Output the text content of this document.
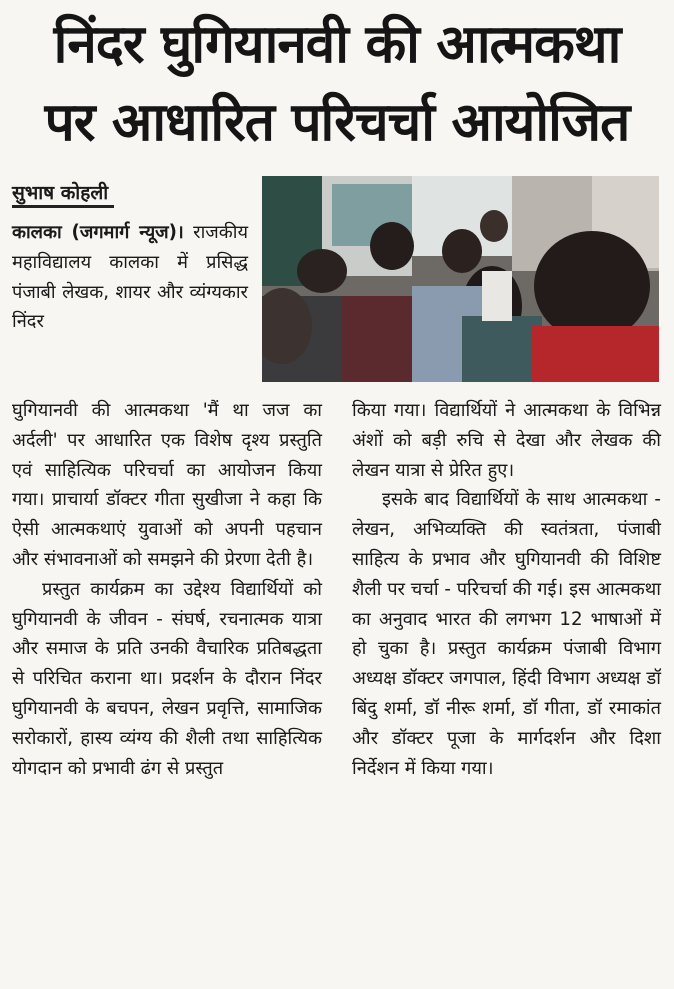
निंदर घुगियानवी की आत्मकथा
पर आधारित परिचर्चा आयोजित
सुभाष कोहली

कालका (जगमार्ग न्यूज)। राजकीय महाविद्यालय कालका में प्रसिद्ध पंजाबी लेखक, शायर और व्यंग्यकार निंदर

घुगियानवी की आत्मकथा 'मैं था जज का अर्दली' पर आधारित एक विशेष दृश्य प्रस्तुति एवं साहित्यिक परिचर्चा का आयोजन किया गया। प्राचार्या डॉक्टर गीता सुखीजा ने कहा कि ऐसी आत्मकथाएं युवाओं को अपनी पहचान और संभावनाओं को समझने की प्रेरणा देती है।

प्रस्तुत कार्यक्रम का उद्देश्य विद्यार्थियों को घुगियानवी के जीवन - संघर्ष, रचनात्मक यात्रा और समाज के प्रति उनकी वैचारिक प्रतिबद्धता से परिचित कराना था। प्रदर्शन के दौरान निंदर घुगियानवी के बचपन, लेखन प्रवृत्ति, सामाजिक सरोकारों, हास्य व्यंग्य की शैली तथा साहित्यिक योगदान को प्रभावी ढंग से प्रस्तुत

किया गया। विद्यार्थियों ने आत्मकथा के विभिन्न अंशों को बड़ी रुचि से देखा और लेखक की लेखन यात्रा से प्रेरित हुए।

इसके बाद विद्यार्थियों के साथ आत्मकथा - लेखन, अभिव्यक्ति की स्वतंत्रता, पंजाबी साहित्य के प्रभाव और घुगियानवी की विशिष्ट शैली पर चर्चा - परिचर्चा की गई। इस आत्मकथा का अनुवाद भारत की लगभग 12 भाषाओं में हो चुका है। प्रस्तुत कार्यक्रम पंजाबी विभाग अध्यक्ष डॉक्टर जगपाल, हिंदी विभाग अध्यक्ष डॉ बिंदु शर्मा, डॉ नीरू शर्मा, डॉ गीता, डॉ रमाकांत और डॉक्टर पूजा के मार्गदर्शन और दिशा निर्देशन में किया गया।
